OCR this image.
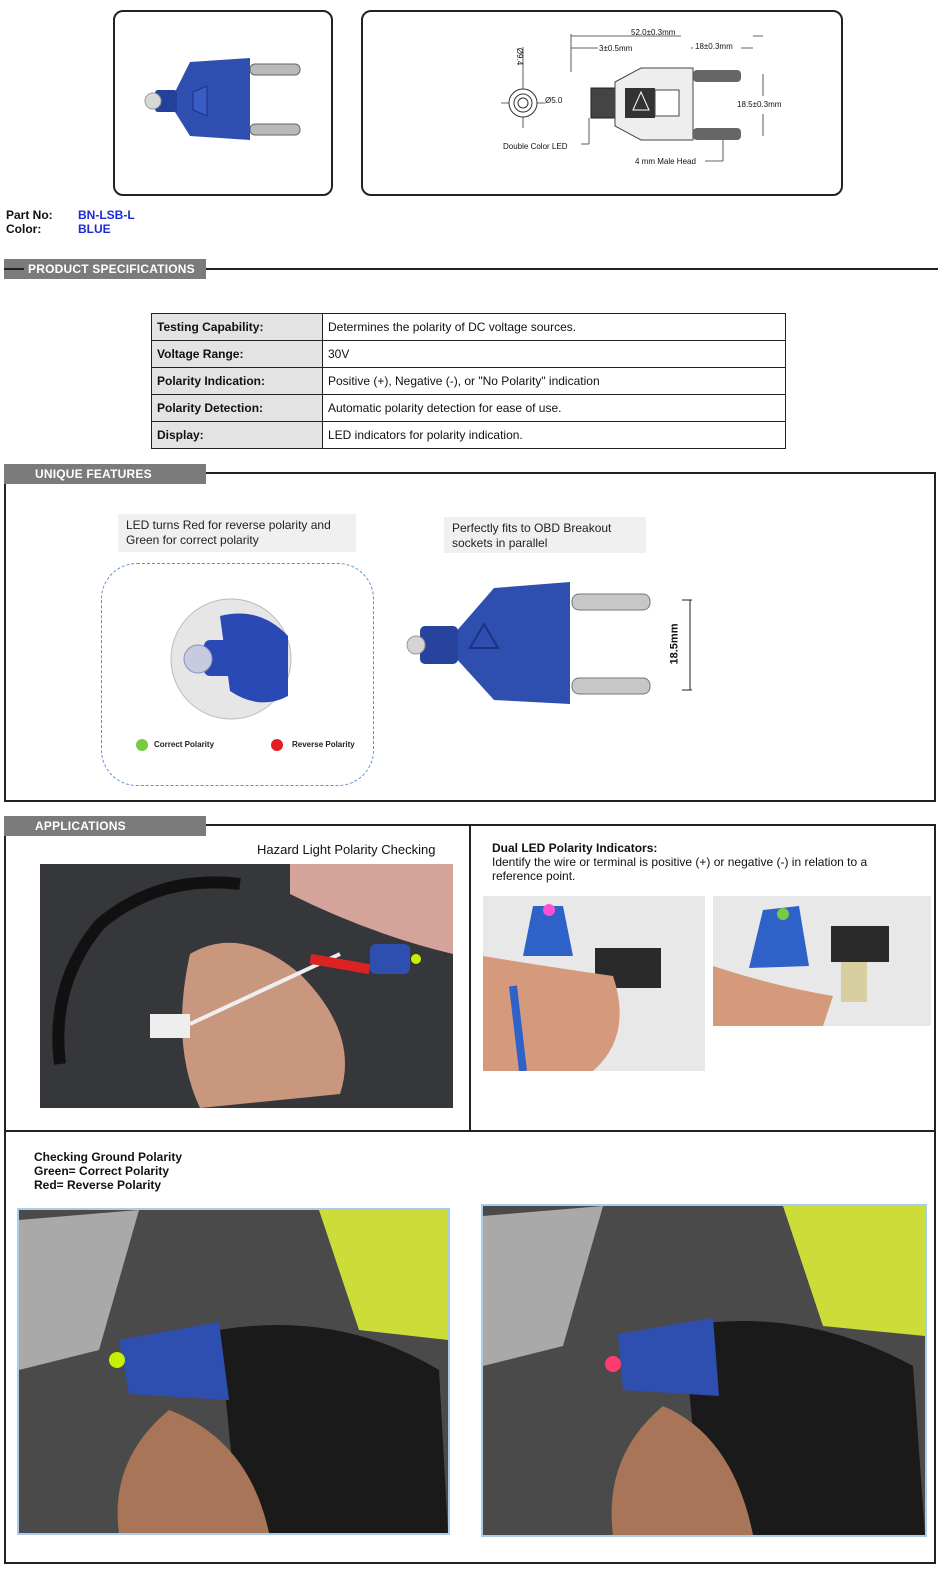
52.0±0.3mm
3±0.5mm	18±0.3mm
18.5±0.3mm
Ø9.4
Ø5.0
Double Color LED
4 mm Male Head
Part No: BN-LSB-L
Color:	BLUE
PRODUCT SPECIFICATIONS
Testing Capability:	Determines the polarity of DC voltage sources.
Voltage Range:	30V
Polarity Indication:	Positive (+), Negative (-), or "No Polarity" indication
Polarity Detection:	Automatic polarity detection for ease of use.
Display:	LED indicators for polarity indication.
UNIQUE FEATURES
LED turns Red for reverse polarity and Green for correct polarity
Perfectly fits to OBD Breakout sockets in parallel
Correct Polarity	Reverse Polarity
18.5mm
APPLICATIONS
Hazard Light Polarity Checking	Dual LED Polarity Indicators:
Identify the wire or terminal is positive (+) or negative (-) in relation to a reference point.
Checking Ground Polarity
Green= Correct Polarity
Red= Reverse Polarity
